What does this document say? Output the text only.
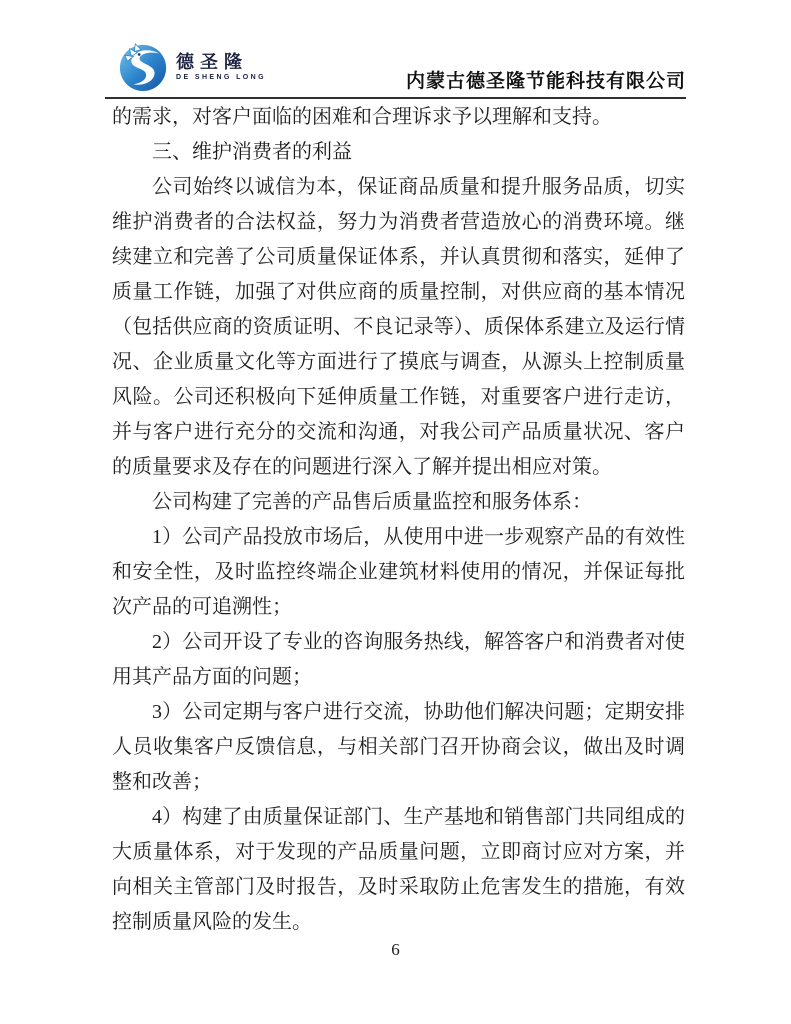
德圣隆
DE SHENG LONG	内蒙古德圣隆节能科技有限公司

的需求，对客户面临的困难和合理诉求予以理解和支持。

三、维护消费者的利益

公司始终以诚信为本，保证商品质量和提升服务品质，切实维护消费者的合法权益，努力为消费者营造放心的消费环境。继续建立和完善了公司质量保证体系，并认真贯彻和落实，延伸了质量工作链，加强了对供应商的质量控制，对供应商的基本情况（包括供应商的资质证明、不良记录等）、质保体系建立及运行情况、企业质量文化等方面进行了摸底与调查，从源头上控制质量风险。公司还积极向下延伸质量工作链，对重要客户进行走访，并与客户进行充分的交流和沟通，对我公司产品质量状况、客户的质量要求及存在的问题进行深入了解并提出相应对策。

公司构建了完善的产品售后质量监控和服务体系：

1）公司产品投放市场后，从使用中进一步观察产品的有效性和安全性，及时监控终端企业建筑材料使用的情况，并保证每批次产品的可追溯性；

2）公司开设了专业的咨询服务热线，解答客户和消费者对使用其产品方面的问题；

3）公司定期与客户进行交流，协助他们解决问题；定期安排人员收集客户反馈信息，与相关部门召开协商会议，做出及时调整和改善；

4）构建了由质量保证部门、生产基地和销售部门共同组成的大质量体系，对于发现的产品质量问题，立即商讨应对方案，并向相关主管部门及时报告，及时采取防止危害发生的措施，有效控制质量风险的发生。

6
